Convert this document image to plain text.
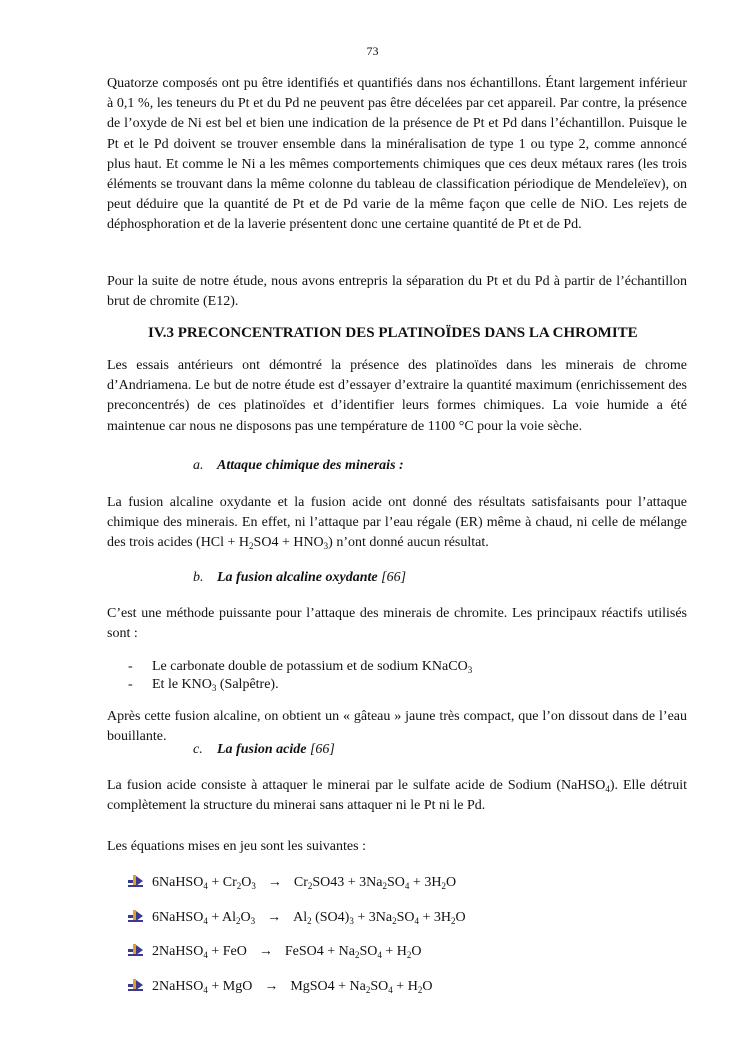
73

Quatorze composés ont pu être identifiés et quantifiés dans nos échantillons. Étant largement inférieur à 0,1 %, les teneurs du Pt et du Pd ne peuvent pas être décelées par cet appareil. Par contre, la présence de l’oxyde de Ni est bel et bien une indication de la présence de Pt et Pd dans l’échantillon. Puisque le Pt et le Pd doivent se trouver ensemble dans la minéralisation de type 1 ou type 2, comme annoncé plus haut. Et comme le Ni a les mêmes comportements chimiques que ces deux métaux rares (les trois éléments se trouvant dans la même colonne du tableau de classification périodique de Mendeleïev), on peut déduire que la quantité de Pt et de Pd varie de la même façon que celle de NiO. Les rejets de déphosphoration et de la laverie présentent donc une certaine quantité de Pt et de Pd.

Pour la suite de notre étude, nous avons entrepris la séparation du Pt et du Pd à partir de l’échantillon brut de chromite (E12).

IV.3 PRECONCENTRATION DES PLATINOÏDES DANS LA CHROMITE

Les essais antérieurs ont démontré la présence des platinoïdes dans les minerais de chrome d’Andriamena. Le but de notre étude est d’essayer d’extraire la quantité maximum (enrichissement des preconcentrés) de ces platinoïdes et d’identifier leurs formes chimiques. La voie humide a été maintenue car nous ne disposons pas une température de 1100 °C pour la voie sèche.

a. Attaque chimique des minerais :

La fusion alcaline oxydante et la fusion acide ont donné des résultats satisfaisants pour l’attaque chimique des minerais. En effet, ni l’attaque par l’eau régale (ER) même à chaud, ni celle de mélange des trois acides $(HCl + H_2SO4 + HNO_3)$ n’ont donné aucun résultat.

b. La fusion alcaline oxydante [66]

C’est une méthode puissante pour l’attaque des minerais de chromite. Les principaux réactifs utilisés sont :

- Le carbonate double de potassium et de sodium KNaCO$_3$
- Et le $KNO_3$ (Salpêtre).

Après cette fusion alcaline, on obtient un « gâteau » jaune très compact, que l’on dissout dans de l’eau bouillante.

c. La fusion acide [66]

La fusion acide consiste à attaquer le minerai par le sulfate acide de Sodium (NaHSO$_4$). Elle détruit complètement la structure du minerai sans attaquer ni le Pt ni le Pd.

Les équations mises en jeu sont les suivantes :

6NaHSO$_4$ + $Cr_2O_3 \to Cr_2SO43 + 3Na_2SO_4 + 3H_2O$
6NaHSO$_4$ + $Al_2O_3 \to Al_2$ $(SO4)_3 + 3Na_2SO_4 + 3H_2O$
2NaHSO$_4$ + FeO → FeSO4 + $Na_2SO_4 + H_2O$
2NaHSO$_4$ + MgO → MgSO4 + $Na_2SO_4 + H_2O$
